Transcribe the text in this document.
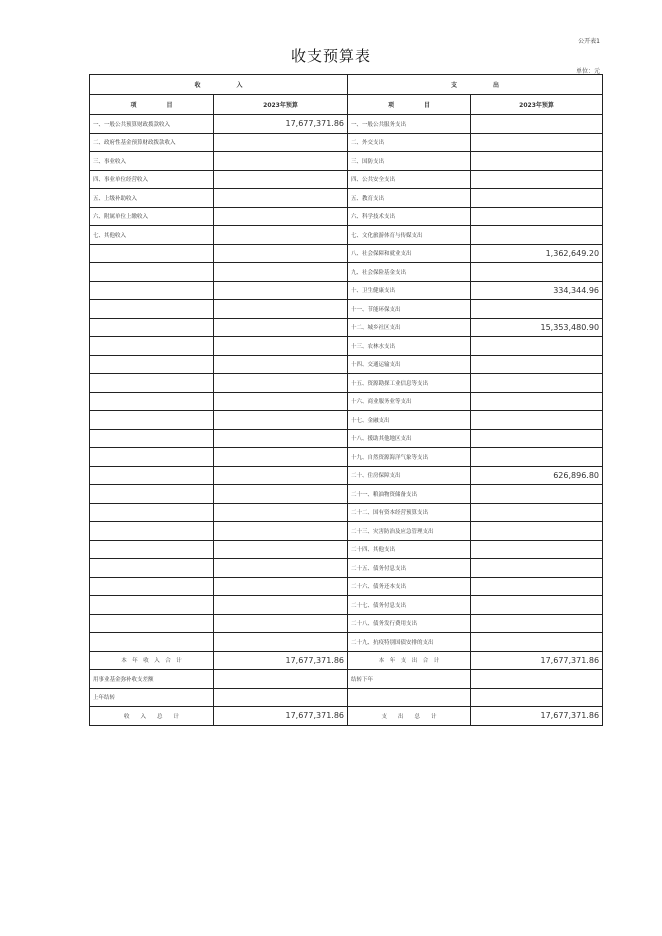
公开表1
收支预算表
单位：元
收　　　　　　入		支　　　　　　出	
项　　　　　目	2023年预算	项　　　　　目	2023年预算
一、一般公共预算财政拨款收入	17,677,371.86	一、一般公共服务支出	
二、政府性基金预算财政拨款收入		二、外交支出	
三、事业收入		三、国防支出	
四、事业单位经营收入		四、公共安全支出	
五、上级补助收入		五、教育支出	
六、附属单位上缴收入		六、科学技术支出	
七、其他收入		七、文化旅游体育与传媒支出	
		八、社会保障和就业支出	1,362,649.20
		九、社会保险基金支出	
		十、卫生健康支出	334,344.96
		十一、节能环保支出	
		十二、城乡社区支出	15,353,480.90
		十三、农林水支出	
		十四、交通运输支出	
		十五、资源勘探工业信息等支出	
		十六、商业服务业等支出	
		十七、金融支出	
		十八、援助其他地区支出	
		十九、自然资源海洋气象等支出	
		二十、住房保障支出	626,896.80
		二十一、粮油物资储备支出	
		二十二、国有资本经营预算支出	
		二十三、灾害防治及应急管理支出	
		二十四、其他支出	
		二十五、债务付息支出	
		二十六、债务还本支出	
		二十七、债务付息支出	
		二十八、债务发行费用支出	
		二十九、抗疫特别国债安排的支出	
本　年　收　入　合　计	17,677,371.86	本　年　支　出　合　计	17,677,371.86
用事业基金弥补收支差额		结转下年	
上年结转			
收　　入　　总　　计	17,677,371.86	支　　出　　总　　计	17,677,371.86
